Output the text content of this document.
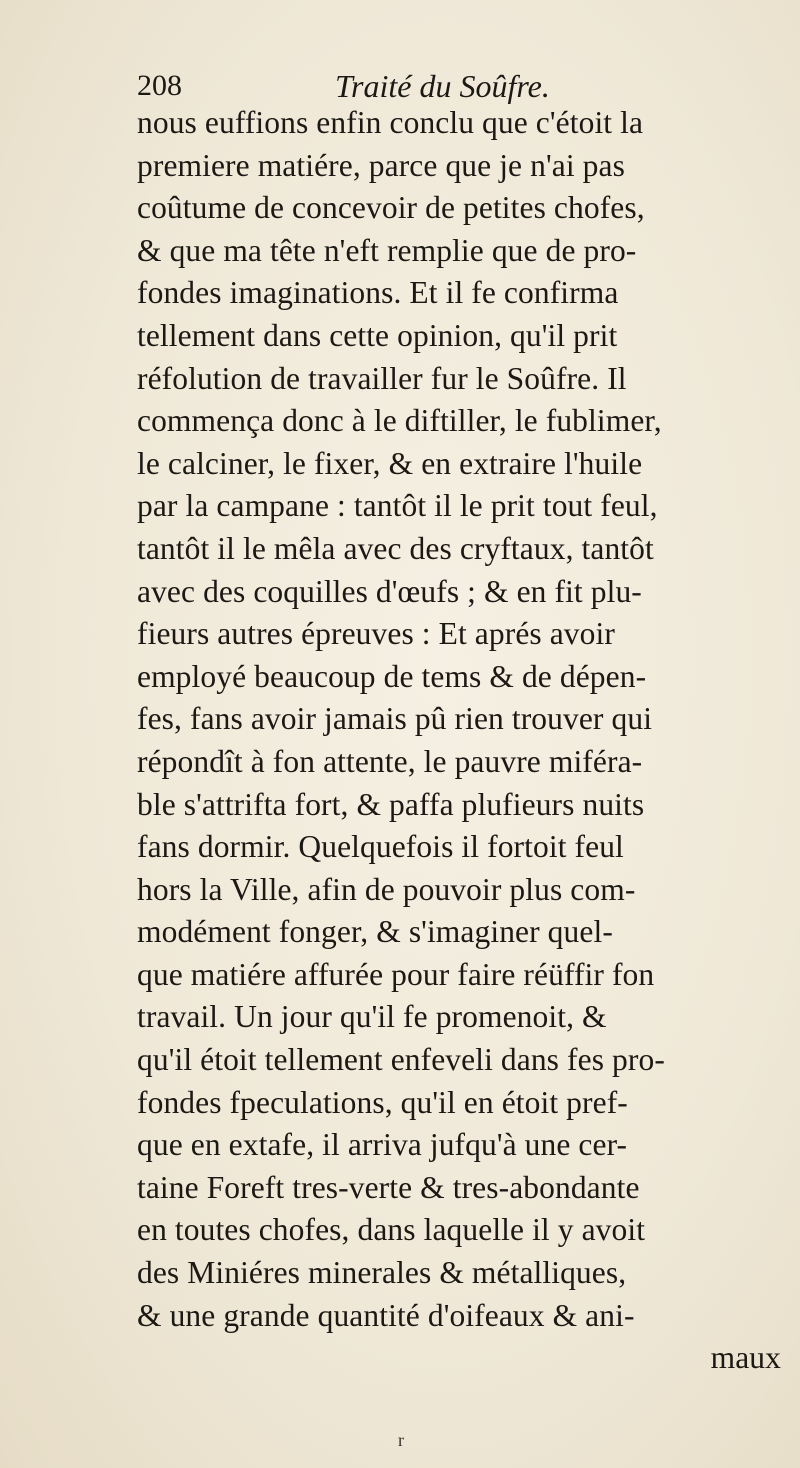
208	Traité du Soûfre.
nous euffions enfin conclu que c'étoit la
premiere matiére, parce que je n'ai pas
coûtume de concevoir de petites chofes,
& que ma tête n'eft remplie que de pro-
fondes imaginations. Et il fe confirma
tellement dans cette opinion, qu'il prit
réfolution de travailler fur le Soûfre. Il
commença donc à le diftiller, le fublimer,
le calciner, le fixer, & en extraire l'huile
par la campane : tantôt il le prit tout feul,
tantôt il le mêla avec des cryftaux, tantôt
avec des coquilles d'œufs ; & en fit plu-
fieurs autres épreuves : Et aprés avoir
employé beaucoup de tems & de dépen-
fes, fans avoir jamais pû rien trouver qui
répondît à fon attente, le pauvre miféra-
ble s'attrifta fort, & paffa plufieurs nuits
fans dormir. Quelquefois il fortoit feul
hors la Ville, afin de pouvoir plus com-
modément fonger, & s'imaginer quel-
que matiére affurée pour faire réüffir fon
travail. Un jour qu'il fe promenoit, &
qu'il étoit tellement enfeveli dans fes pro-
fondes fpeculations, qu'il en étoit pref-
que en extafe, il arriva jufqu'à une cer-
taine Foreft tres-verte & tres-abondante
en toutes chofes, dans laquelle il y avoit
des Miniéres minerales & métalliques,
& une grande quantité d'oifeaux & ani-
maux
r
